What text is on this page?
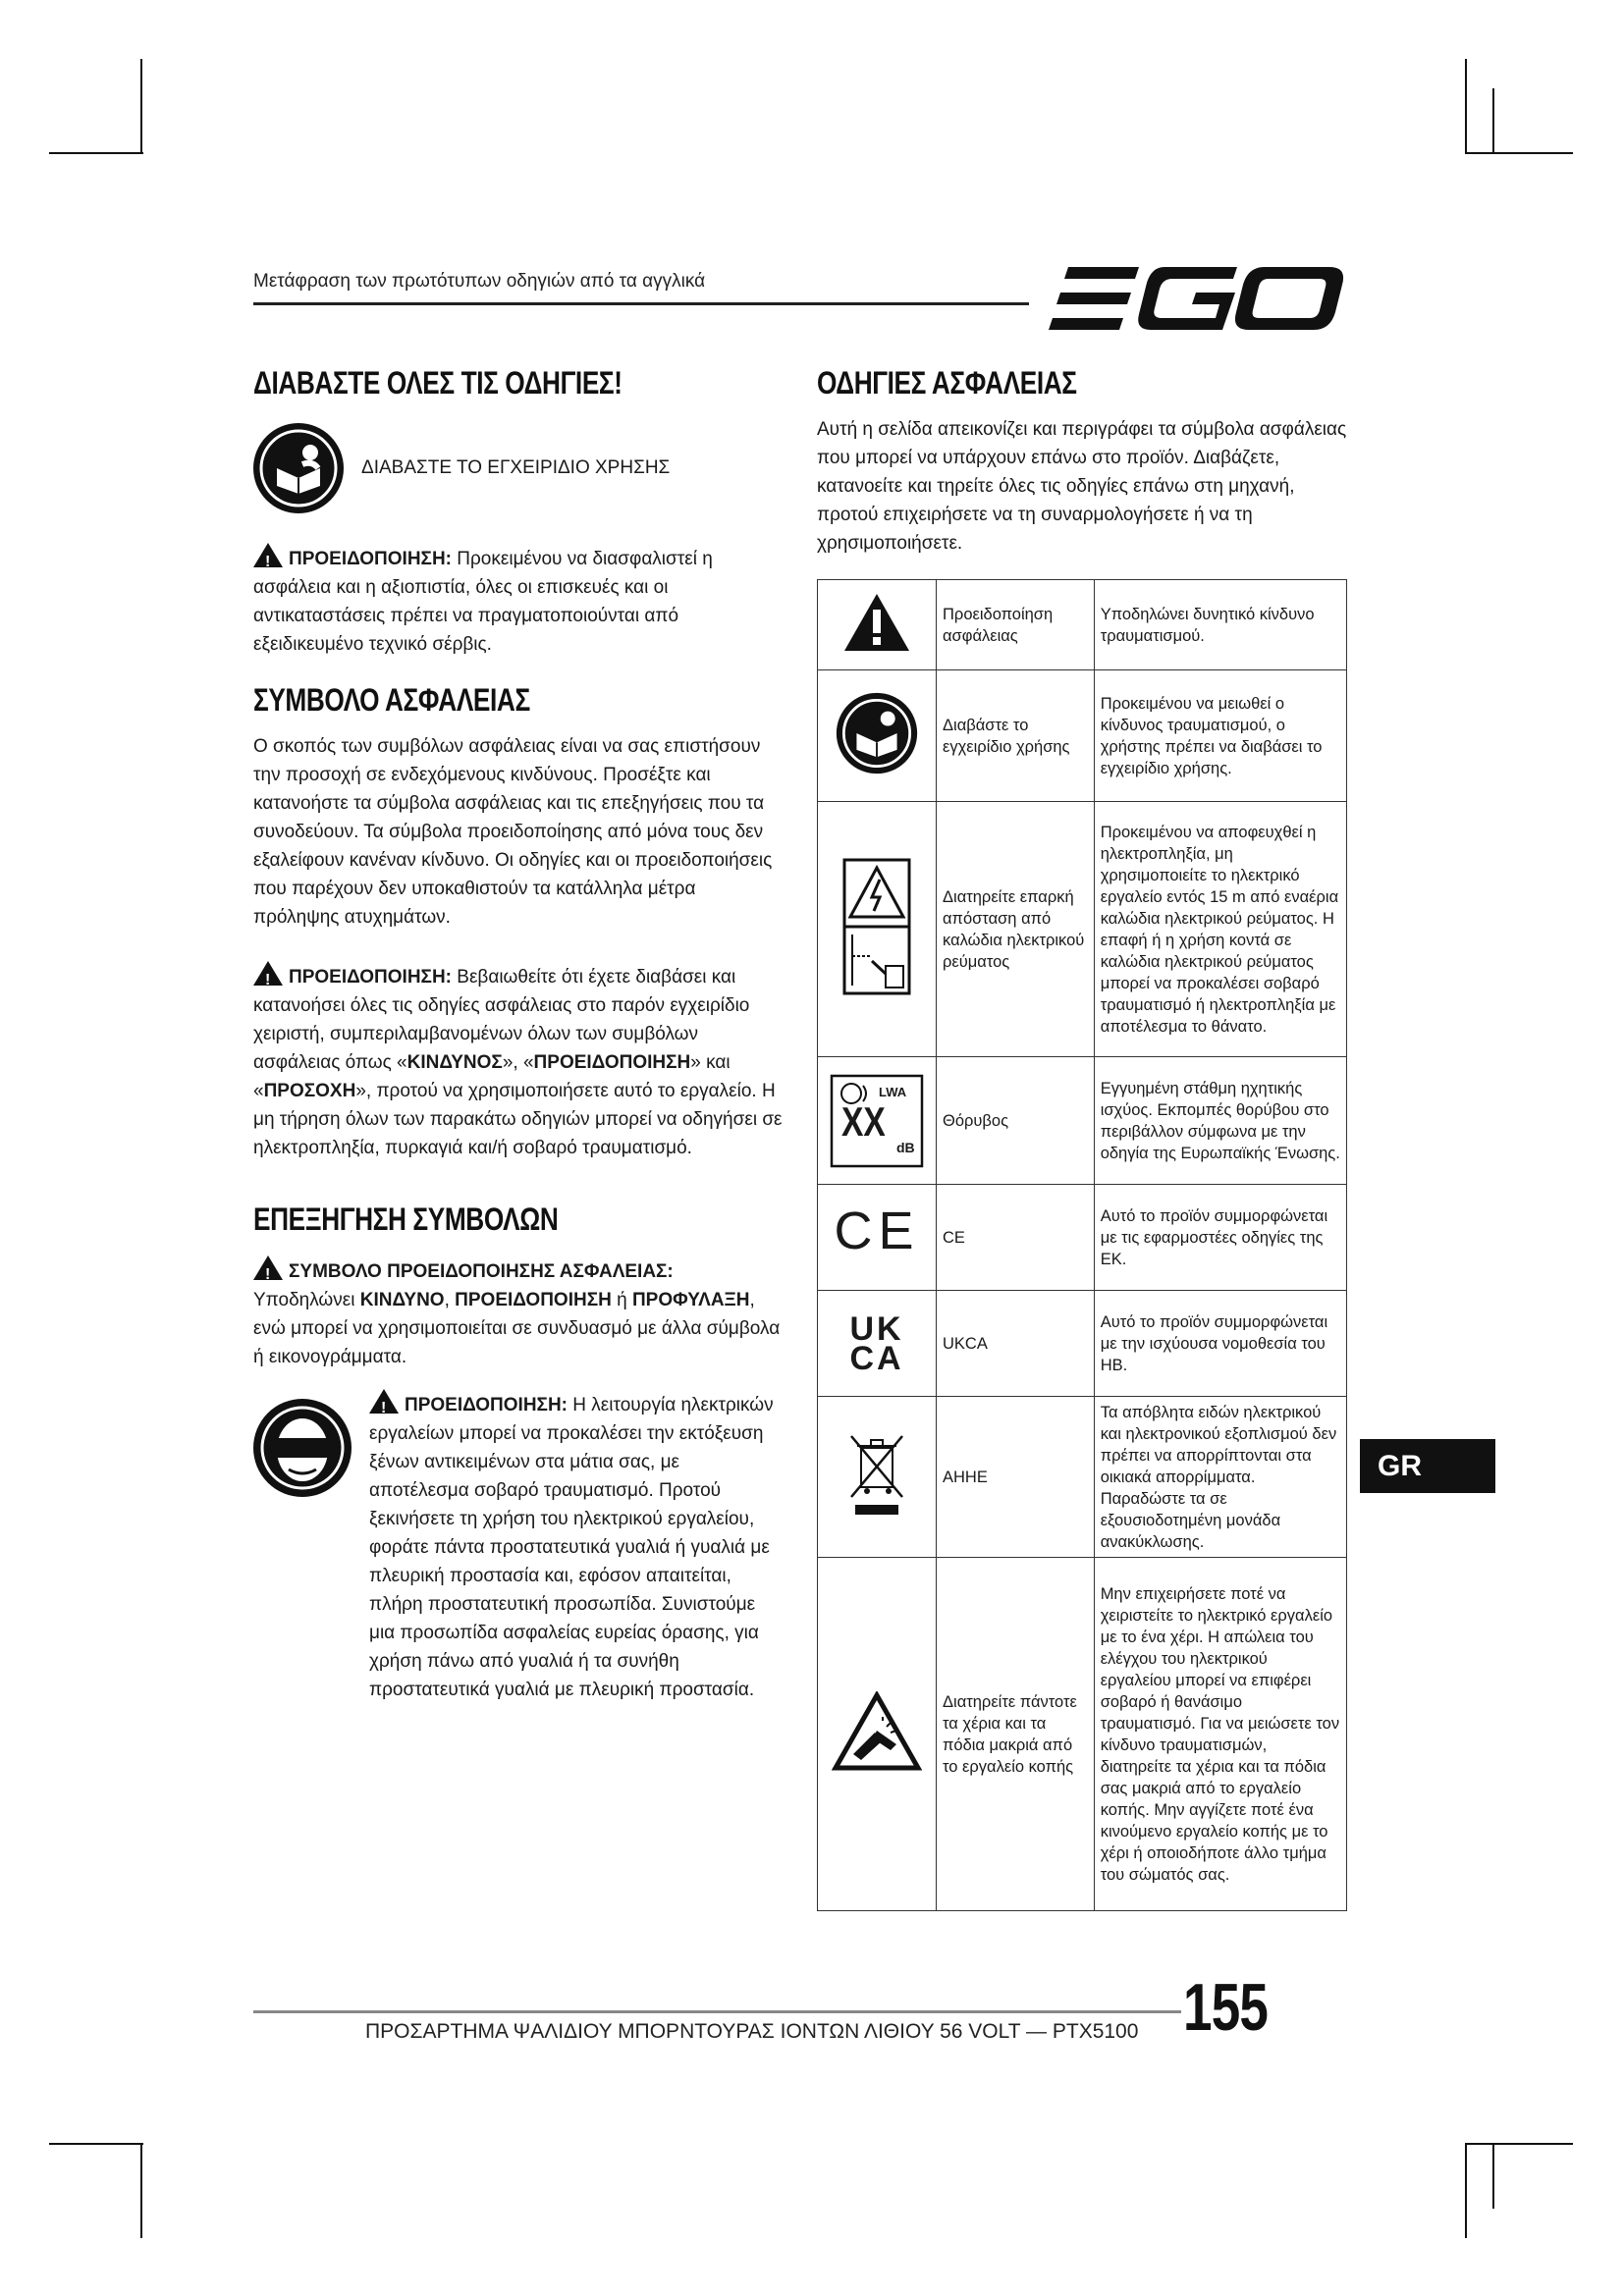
Μετάφραση των πρωτότυπων οδηγιών από τα αγγλικά
EGO
ΔΙΑΒΑΣΤΕ ΟΛΕΣ ΤΙΣ ΟΔΗΓΙΕΣ!
ΔΙΑΒΑΣΤΕ ΤΟ ΕΓΧΕΙΡΙΔΙΟ ΧΡΗΣΗΣ

!ΠΡΟΕΙΔΟΠΟΙΗΣΗ: Προκειμένου να διασφαλιστεί η ασφάλεια και η αξιοπιστία, όλες οι επισκευές και οι αντικαταστάσεις πρέπει να πραγματοποιούνται από εξειδικευμένο τεχνικό σέρβις.

ΣΥΜΒΟΛΟ ΑΣΦΑΛΕΙΑΣ

Ο σκοπός των συμβόλων ασφάλειας είναι να σας επιστήσουν την προσοχή σε ενδεχόμενους κινδύνους. Προσέξτε και κατανοήστε τα σύμβολα ασφάλειας και τις επεξηγήσεις που τα συνοδεύουν. Τα σύμβολα προειδοποίησης από μόνα τους δεν εξαλείφουν κανέναν κίνδυνο. Οι οδηγίες και οι προειδοποιήσεις που παρέχουν δεν υποκαθιστούν τα κατάλληλα μέτρα πρόληψης ατυχημάτων.

!ΠΡΟΕΙΔΟΠΟΙΗΣΗ: Βεβαιωθείτε ότι έχετε διαβάσει και κατανοήσει όλες τις οδηγίες ασφάλειας στο παρόν εγχειρίδιο χειριστή, συμπεριλαμβανομένων όλων των συμβόλων ασφάλειας όπως «ΚΙΝΔΥΝΟΣ», «ΠΡΟΕΙΔΟΠΟΙΗΣΗ» και «ΠΡΟΣΟΧΗ», προτού να χρησιμοποιήσετε αυτό το εργαλείο. Η μη τήρηση όλων των παρακάτω οδηγιών μπορεί να οδηγήσει σε ηλεκτροπληξία, πυρκαγιά και/ή σοβαρό τραυματισμό.

ΕΠΕΞΗΓΗΣΗ ΣΥΜΒΟΛΩΝ

!ΣΥΜΒΟΛΟ ΠΡΟΕΙΔΟΠΟΙΗΣΗΣ ΑΣΦΑΛΕΙΑΣ:
Υποδηλώνει ΚΙΝΔΥΝΟ, ΠΡΟΕΙΔΟΠΟΙΗΣΗ ή ΠΡΟΦΥΛΑΞΗ, ενώ μπορεί να χρησιμοποιείται σε συνδυασμό με άλλα σύμβολα ή εικονογράμματα.

!ΠΡΟΕΙΔΟΠΟΙΗΣΗ: Η λειτουργία ηλεκτρικών εργαλείων μπορεί να προκαλέσει την εκτόξευση ξένων αντικειμένων στα μάτια σας, με αποτέλεσμα σοβαρό τραυματισμό. Προτού ξεκινήσετε τη χρήση του ηλεκτρικού εργαλείου, φοράτε πάντα προστατευτικά γυαλιά ή γυαλιά με πλευρική προστασία και, εφόσον απαιτείται, πλήρη προστατευτική προσωπίδα. Συνιστούμε μια προσωπίδα ασφαλείας ευρείας όρασης, για χρήση πάνω από γυαλιά ή τα συνήθη προστατευτικά γυαλιά με πλευρική προστασία.

ΟΔΗΓΙΕΣ ΑΣΦΑΛΕΙΑΣ

Αυτή η σελίδα απεικονίζει και περιγράφει τα σύμβολα ασφάλειας που μπορεί να υπάρχουν επάνω στο προϊόν. Διαβάζετε, κατανοείτε και τηρείτε όλες τις οδηγίες επάνω στη μηχανή, προτού επιχειρήσετε να τη συναρμολογήσετε ή να τη χρησιμοποιήσετε.

	Προειδοποίηση ασφάλειας	Υποδηλώνει δυνητικό κίνδυνο τραυματισμού.
	Διαβάστε το εγχειρίδιο χρήσης	Προκειμένου να μειωθεί ο κίνδυνος τραυματισμού, ο χρήστης πρέπει να διαβάσει το εγχειρίδιο χρήσης.
	Διατηρείτε επαρκή απόσταση από καλώδια ηλεκτρικού ρεύματος	Προκειμένου να αποφευχθεί η ηλεκτροπληξία, μη χρησιμοποιείτε το ηλεκτρικό εργαλείο εντός 15 m από εναέρια καλώδια ηλεκτρικού ρεύματος. Η επαφή ή η χρήση κοντά σε καλώδια ηλεκτρικού ρεύματος μπορεί να προκαλέσει σοβαρό τραυματισμό ή ηλεκτροπληξία με αποτέλεσμα το θάνατο.

LWA
XX
dB	Θόρυβος	Εγγυημένη στάθμη ηχητικής ισχύος. Εκπομπές θορύβου στο περιβάλλον σύμφωνα με την οδηγία της Ευρωπαϊκής Ένωσης.
CE	CE	Αυτό το προϊόν συμμορφώνεται με τις εφαρμοστέες οδηγίες της ΕΚ.

UK
CA	UKCA	Αυτό το προϊόν συμμορφώνεται με την ισχύουσα νομοθεσία του ΗΒ.
	ΑΗΗΕ	Τα απόβλητα ειδών ηλεκτρικού και ηλεκτρονικού εξοπλισμού δεν πρέπει να απορρίπτονται στα οικιακά απορρίμματα. Παραδώστε τα σε εξουσιοδοτημένη μονάδα ανακύκλωσης.
	Διατηρείτε πάντοτε τα χέρια και τα πόδια μακριά από το εργαλείο κοπής	Μην επιχειρήσετε ποτέ να χειριστείτε το ηλεκτρικό εργαλείο με το ένα χέρι. Η απώλεια του ελέγχου του ηλεκτρικού εργαλείου μπορεί να επιφέρει σοβαρό ή θανάσιμο τραυματισμό. Για να μειώσετε τον κίνδυνο τραυματισμών, διατηρείτε τα χέρια και τα πόδια σας μακριά από το εργαλείο κοπής. Μην αγγίζετε ποτέ ένα κινούμενο εργαλείο κοπής με το χέρι ή οποιοδήποτε άλλο τμήμα του σώματός σας.
GR
ΠΡΟΣΑΡΤΗΜΑ ΨΑΛΙΔΙΟΥ ΜΠΟΡΝΤΟΥΡΑΣ ΙΟΝΤΩΝ ΛΙΘΙΟΥ 56 VOLT — PTX5100 155
